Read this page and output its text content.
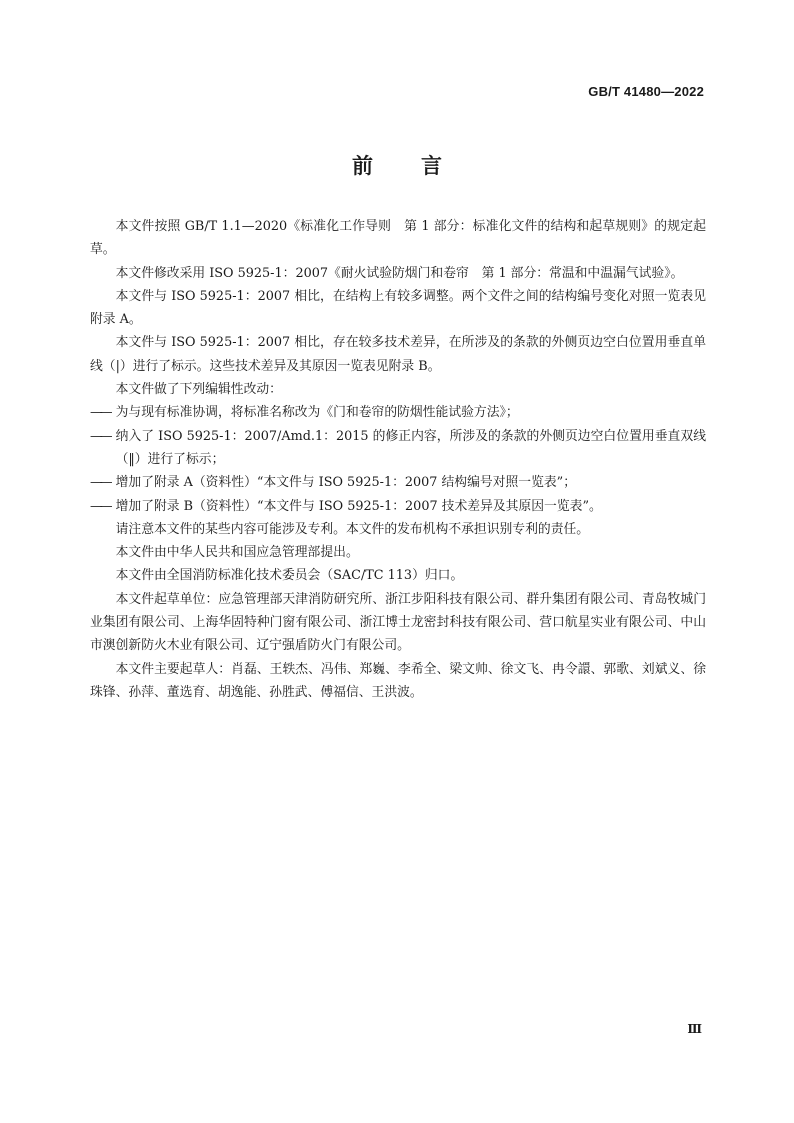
GB/T 41480—2022
前言

本文件按照 GB/T 1.1—2020《标准化工作导则　第 1 部分：标准化文件的结构和起草规则》的规定起草。

本文件修改采用 ISO 5925-1：2007《耐火试验防烟门和卷帘　第 1 部分：常温和中温漏气试验》。

本文件与 ISO 5925-1：2007 相比，在结构上有较多调整。两个文件之间的结构编号变化对照一览表见附录 A。

本文件与 ISO 5925-1：2007 相比，存在较多技术差异，在所涉及的条款的外侧页边空白位置用垂直单线（|）进行了标示。这些技术差异及其原因一览表见附录 B。

本文件做了下列编辑性改动：

—— 为与现有标准协调，将标准名称改为《门和卷帘的防烟性能试验方法》；

—— 纳入了 ISO 5925-1：2007/Amd.1：2015 的修正内容，所涉及的条款的外侧页边空白位置用垂直双线（‖）进行了标示；

—— 增加了附录 A（资料性）“本文件与 ISO 5925-1：2007 结构编号对照一览表”；

—— 增加了附录 B（资料性）“本文件与 ISO 5925-1：2007 技术差异及其原因一览表”。

请注意本文件的某些内容可能涉及专利。本文件的发布机构不承担识别专利的责任。

本文件由中华人民共和国应急管理部提出。

本文件由全国消防标准化技术委员会（SAC/TC 113）归口。

本文件起草单位：应急管理部天津消防研究所、浙江步阳科技有限公司、群升集团有限公司、青岛牧城门业集团有限公司、上海华固特种门窗有限公司、浙江博士龙密封科技有限公司、营口航星实业有限公司、中山市澳创新防火木业有限公司、辽宁强盾防火门有限公司。

本文件主要起草人：肖磊、王轶杰、冯伟、郑巍、李希全、梁文帅、徐文飞、冉令譞、郭歌、刘斌义、徐珠锋、孙萍、董选育、胡逸能、孙胜武、傅福信、王洪波。

Ⅲ
